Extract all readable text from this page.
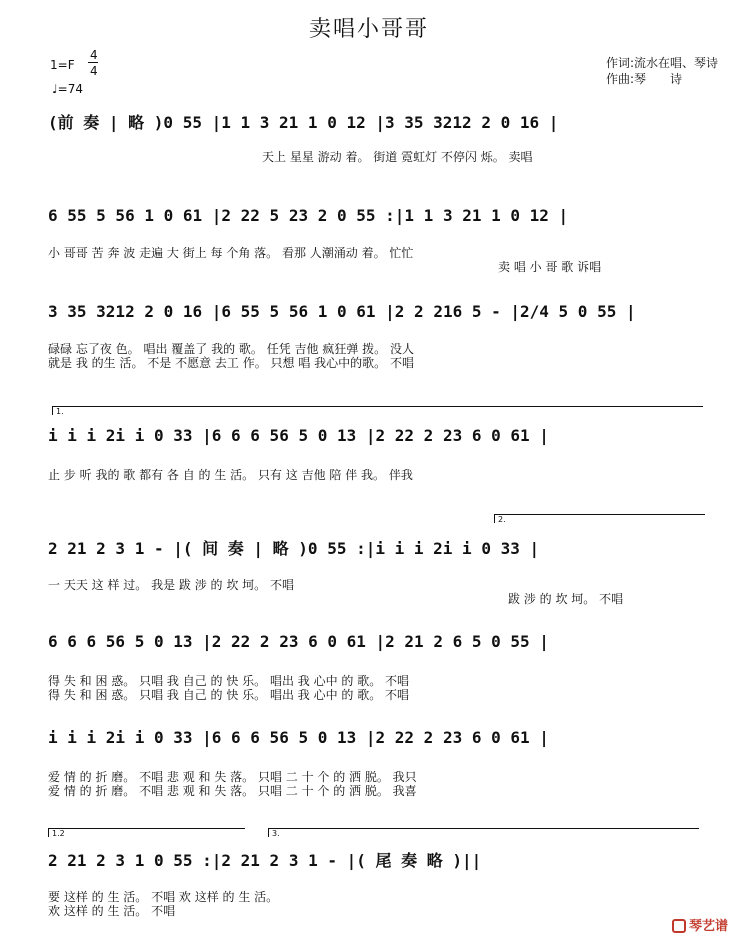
卖唱小哥哥
1=F
4
4
♩=74
作词:流水在唱、琴诗
作曲:琴　　诗
(前 奏 | 略 )0 55 |1 1 3 21 1 0 12 |3 35 3212 2 0 16 |
天上 星星 游动 着。 街道 霓虹灯 不停闪 烁。 卖唱
6 55 5 56 1 0 61 |2 22 5 23 2 0 55 :|1 1 3 21 1 0 12 |
小 哥哥 苦 奔 波 走遍 大 街上 每 个角 落。 看那 人潮涌动 着。 忙忙
卖 唱 小 哥 歌 诉唱
3 35 3212 2 0 16 |6 55 5 56 1 0 61 |2 2 216 5 - |2/4 5 0 55 |
碌碌 忘了夜 色。 唱出 覆盖了 我的 歌。 任凭 吉他 疯狂弹 拨。 没人
就是 我 的生 活。 不是 不愿意 去工 作。 只想 唱 我心中的歌。 不唱
1.
i i i 2i i 0 33 |6 6 6 56 5 0 13 |2 22 2 23 6 0 61 |
止 步 听 我的 歌 都有 各 自 的 生 活。 只有 这 吉他 陪 伴 我。 伴我
2.
2 21 2 3 1 - |( 间 奏 | 略 )0 55 :|i i i 2i i 0 33 |
一 天天 这 样 过。 我是 跋 涉 的 坎 坷。 不唱
跋 涉 的 坎 坷。 不唱
6 6 6 56 5 0 13 |2 22 2 23 6 0 61 |2 21 2 6 5 0 55 |
得 失 和 困 惑。 只唱 我 自己 的 快 乐。 唱出 我 心中 的 歌。 不唱
得 失 和 困 惑。 只唱 我 自己 的 快 乐。 唱出 我 心中 的 歌。 不唱
i i i 2i i 0 33 |6 6 6 56 5 0 13 |2 22 2 23 6 0 61 |
爱 情 的 折 磨。 不唱 悲 观 和 失 落。 只唱 二 十 个 的 洒 脱。 我只
爱 情 的 折 磨。 不唱 悲 观 和 失 落。 只唱 二 十 个 的 洒 脱。 我喜
1.2	3.
2 21 2 3 1 0 55 :|2 21 2 3 1 - |( 尾 奏 略 )||
要 这样 的 生 活。 不唱 欢 这样 的 生 活。
欢 这样 的 生 活。 不唱
琴艺谱
